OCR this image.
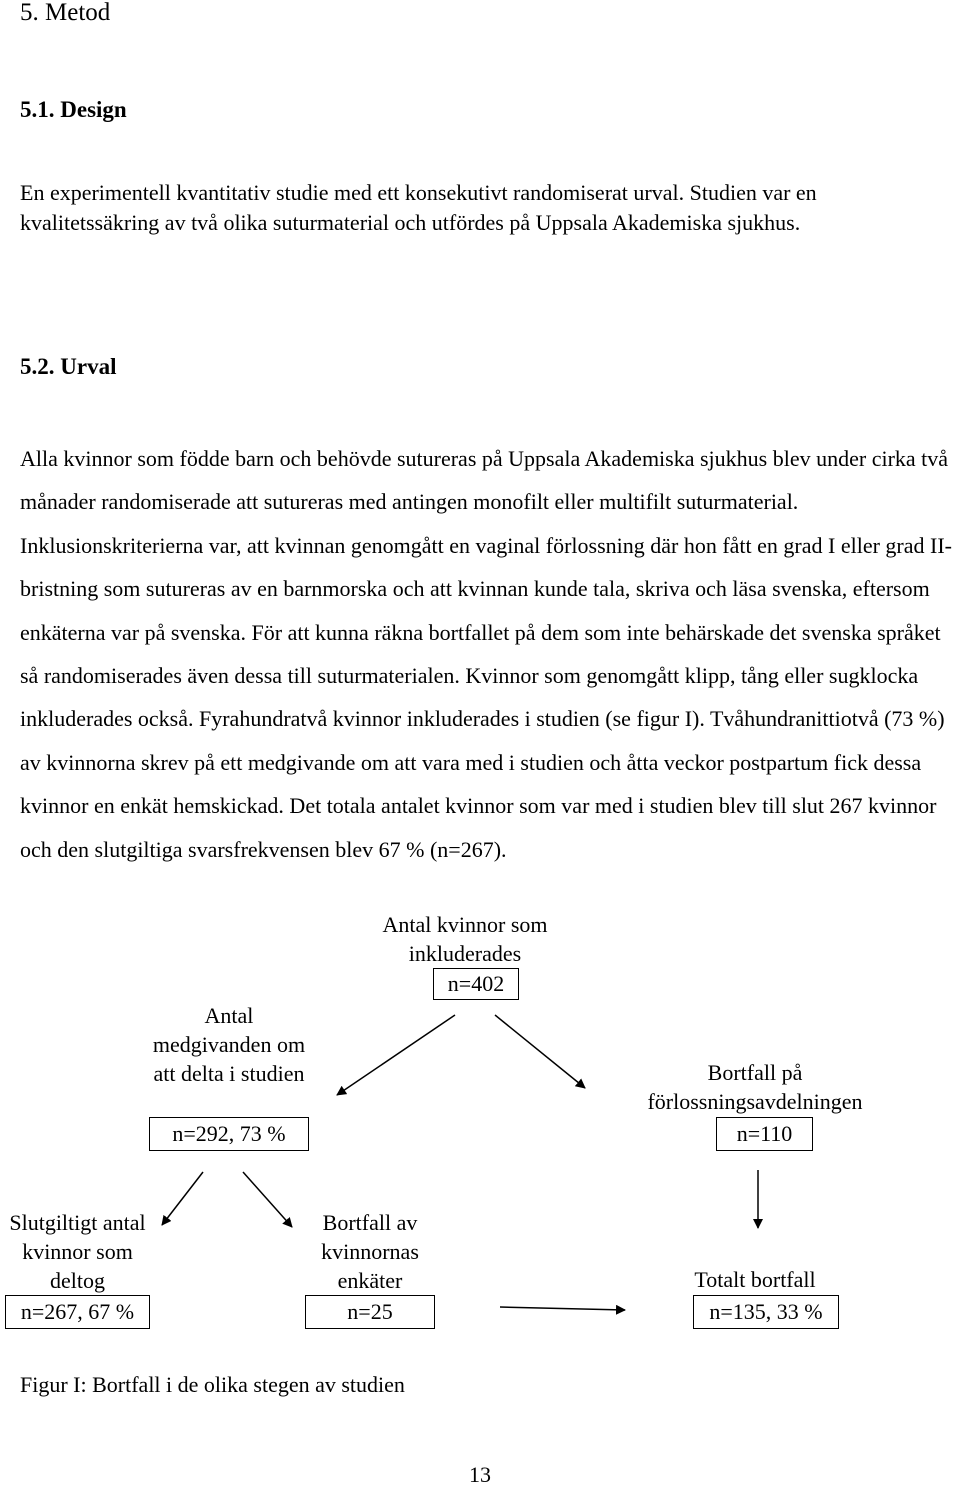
5. Metod
5.1. Design
En experimentell kvantitativ studie med ett konsekutivt randomiserat urval. Studien var en kvalitetssäkring av två olika suturmaterial och utfördes på Uppsala Akademiska sjukhus.
5.2. Urval
Alla kvinnor som födde barn och behövde sutureras på Uppsala Akademiska sjukhus blev under cirka två månader randomiserade att sutureras med antingen monofilt eller multifilt suturmaterial. Inklusionskriterierna var, att kvinnan genomgått en vaginal förlossning där hon fått en grad I eller grad II-bristning som sutureras av en barnmorska och att kvinnan kunde tala, skriva och läsa svenska, eftersom enkäterna var på svenska. För att kunna räkna bortfallet på dem som inte behärskade det svenska språket så randomiserades även dessa till suturmaterialen. Kvinnor som genomgått klipp, tång eller sugklocka inkluderades också. Fyrahundratvå kvinnor inkluderades i studien (se figur I). Tvåhundranittiotvå (73 %) av kvinnorna skrev på ett medgivande om att vara med i studien och åtta veckor postpartum fick dessa kvinnor en enkät hemskickad. Det totala antalet kvinnor som var med i studien blev till slut 267 kvinnor och den slutgiltiga svarsfrekvensen blev 67 % (n=267).
Antal kvinnor som inkluderades
n=402
Antal medgivanden om att delta i studien
n=292, 73 %
Bortfall på förlossningsavdelningen
n=110
Slutgiltigt antal kvinnor som deltog
n=267, 67 %
Bortfall av kvinnornas enkäter
n=25
Totalt bortfall
n=135, 33 %
Figur I: Bortfall i de olika stegen av studien
13
